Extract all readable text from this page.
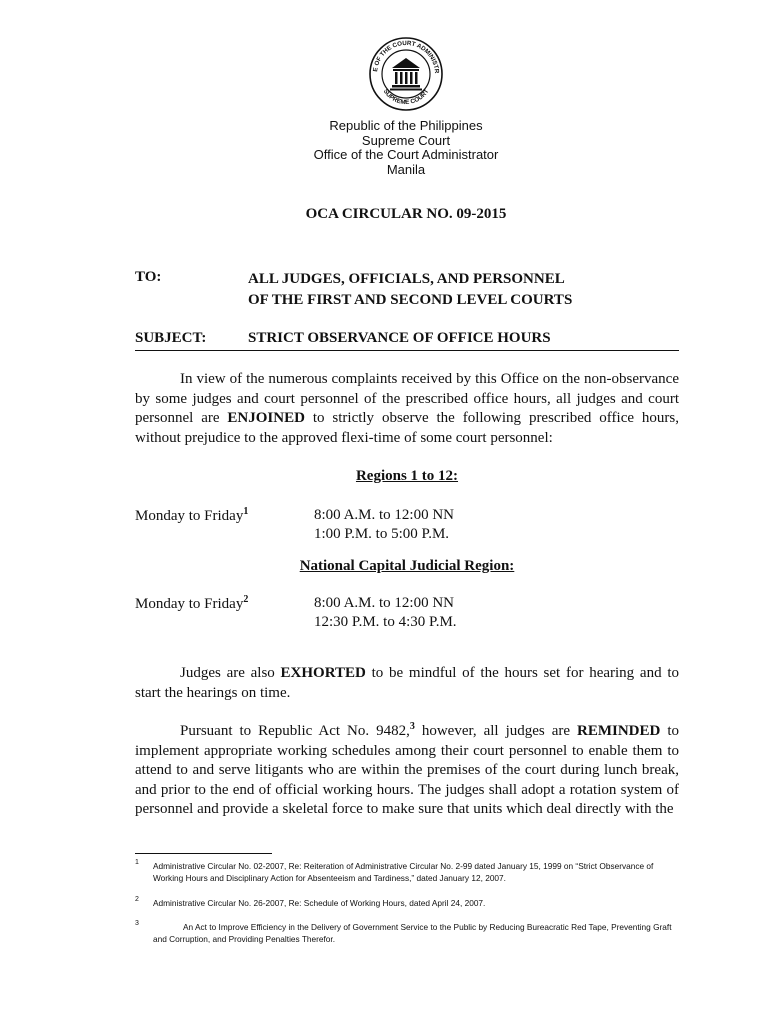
E OF THE COURT ADMINISTR
SUPREME COURT
Republic of the Philippines
Supreme Court
Office of the Court Administrator
Manila
OCA CIRCULAR NO. 09-2015
TO:	ALL JUDGES, OFFICIALS, AND PERSONNEL
OF THE FIRST AND SECOND LEVEL COURTS
SUBJECT:	STRICT OBSERVANCE OF OFFICE HOURS
In view of the numerous complaints received by this Office on the non-observance by some judges and court personnel of the prescribed office hours, all judges and court personnel are ENJOINED to strictly observe the following prescribed office hours, without prejudice to the approved flexi-time of some court personnel:
Regions 1 to 12:
Monday to Friday$^1$	8:00 A.M. to 12:00 NN
1:00 P.M. to 5:00 P.M.
National Capital Judicial Region:
Monday to Friday$^2$	8:00 A.M. to 12:00 NN
12:30 P.M. to 4:30 P.M.
Judges are also EXHORTED to be mindful of the hours set for hearing and to start the hearings on time.
Pursuant to Republic Act No. 9482,$^3$ however, all judges are REMINDED to implement appropriate working schedules among their court personnel to enable them to attend to and serve litigants who are within the premises of the court during lunch break, and prior to the end of official working hours. The judges shall adopt a rotation system of personnel and provide a skeletal force to make sure that units which deal directly with the
1 Administrative Circular No. 02-2007, Re: Reiteration of Administrative Circular No. 2-99 dated January 15, 1999 on “Strict Observance of Working Hours and Disciplinary Action for Absenteeism and Tardiness,” dated January 12, 2007.
2 Administrative Circular No. 26-2007, Re: Schedule of Working Hours, dated April 24, 2007.
3	An Act to Improve Efficiency in the Delivery of Government Service to the Public by Reducing Bureacratic Red Tape, Preventing Graft and Corruption, and Providing Penalties Therefor.
